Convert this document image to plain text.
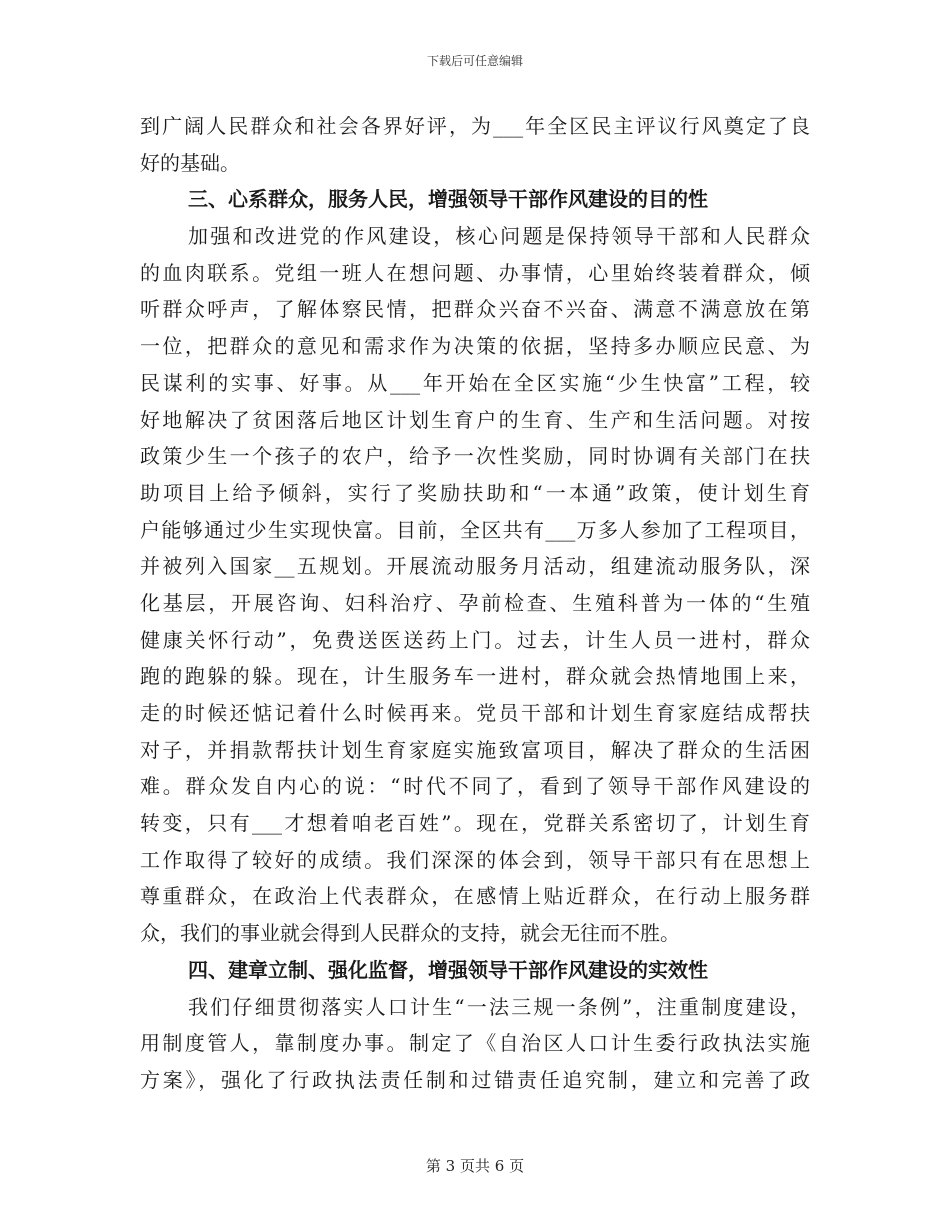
下载后可任意编辑
到广阔人民群众和社会各界好评，为___年全区民主评议行风奠定了良
好的基础。
三、心系群众，服务人民，增强领导干部作风建设的目的性
加强和改进党的作风建设，核心问题是保持领导干部和人民群众
的血肉联系。党组一班人在想问题、办事情，心里始终装着群众，倾
听群众呼声，了解体察民情，把群众兴奋不兴奋、满意不满意放在第
一位，把群众的意见和需求作为决策的依据，坚持多办顺应民意、为
民谋利的实事、好事。从___年开始在全区实施“少生快富”工程，较
好地解决了贫困落后地区计划生育户的生育、生产和生活问题。对按
政策少生一个孩子的农户，给予一次性奖励，同时协调有关部门在扶
助项目上给予倾斜，实行了奖励扶助和“一本通”政策，使计划生育
户能够通过少生实现快富。目前，全区共有___万多人参加了工程项目，
并被列入国家__五规划。开展流动服务月活动，组建流动服务队，深
化基层，开展咨询、妇科治疗、孕前检查、生殖科普为一体的“生殖
健康关怀行动”，免费送医送药上门。过去，计生人员一进村，群众
跑的跑躲的躲。现在，计生服务车一进村，群众就会热情地围上来，
走的时候还惦记着什么时候再来。党员干部和计划生育家庭结成帮扶
对子，并捐款帮扶计划生育家庭实施致富项目，解决了群众的生活困
难。群众发自内心的说：“时代不同了，看到了领导干部作风建设的
转变，只有___才想着咱老百姓”。现在，党群关系密切了，计划生育
工作取得了较好的成绩。我们深深的体会到，领导干部只有在思想上
尊重群众，在政治上代表群众，在感情上贴近群众，在行动上服务群
众，我们的事业就会得到人民群众的支持，就会无往而不胜。
四、建章立制、强化监督，增强领导干部作风建设的实效性
我们仔细贯彻落实人口计生“一法三规一条例”，注重制度建设，
用制度管人，靠制度办事。制定了《自治区人口计生委行政执法实施
方案》，强化了行政执法责任制和过错责任追究制，建立和完善了政
第 3 页共 6 页
